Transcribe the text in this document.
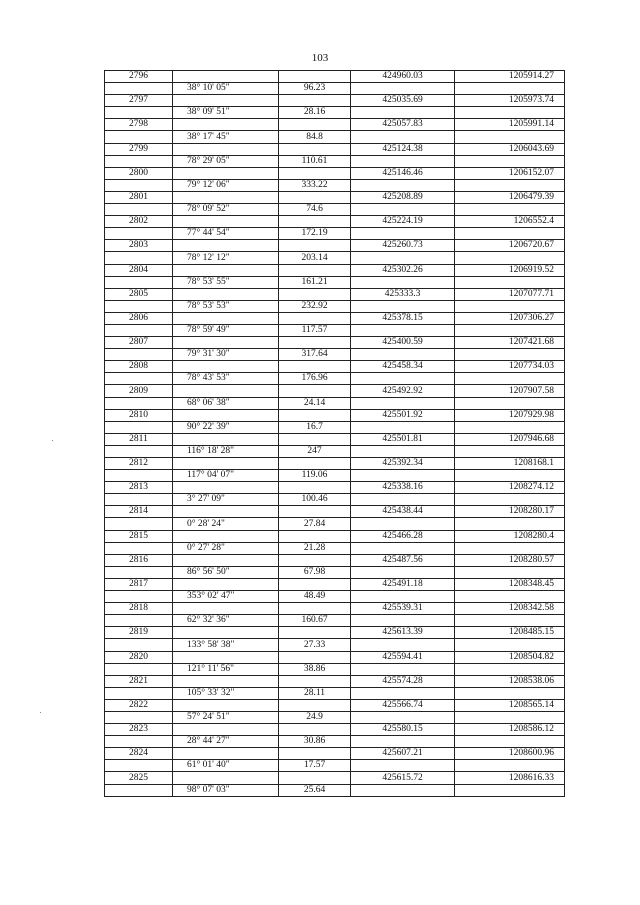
103
2796			424960.03	1205914.27
	38° 10' 05"	96.23		
2797			425035.69	1205973.74
	38° 09' 51"	28.16		
2798			425057.83	1205991.14
	38° 17' 45"	84.8		
2799			425124.38	1206043.69
	78° 29' 05"	110.61		
2800			425146.46	1206152.07
	79° 12' 06"	333.22		
2801			425208.89	1206479.39
	78° 09' 52"	74.6		
2802			425224.19	1206552.4
	77° 44' 54"	172.19		
2803			425260.73	1206720.67
	78° 12' 12"	203.14		
2804			425302.26	1206919.52
	78° 53' 55"	161.21		
2805			425333.3	1207077.71
	78° 53' 53"	232.92		
2806			425378.15	1207306.27
	78° 59' 49"	117.57		
2807			425400.59	1207421.68
	79° 31' 30"	317.64		
2808			425458.34	1207734.03
	78° 43' 53"	176.96		
2809			425492.92	1207907.58
	68° 06' 38"	24.14		
2810			425501.92	1207929.98
	90° 22' 39"	16.7		
2811			425501.81	1207946.68
	116° 18' 28"	247		
2812			425392.34	1208168.1
	117° 04' 07"	119.06		
2813			425338.16	1208274.12
	3° 27' 09"	100.46		
2814			425438.44	1208280.17
	0° 28' 24"	27.84		
2815			425466.28	1208280.4
	0° 27' 28"	21.28		
2816			425487.56	1208280.57
	86° 56' 50"	67.98		
2817			425491.18	1208348.45
	353° 02' 47"	48.49		
2818			425539.31	1208342.58
	62° 32' 36"	160.67		
2819			425613.39	1208485.15
	133° 58' 38"	27.33		
2820			425594.41	1208504.82
	121° 11' 56"	38.86		
2821			425574.28	1208538.06
	105° 33' 32"	28.11		
2822			425566.74	1208565.14
	57° 24' 51"	24.9		
2823			425580.15	1208586.12
	28° 44' 27"	30.86		
2824			425607.21	1208600.96
	61° 01' 40"	17.57		
2825			425615.72	1208616.33
	98° 07' 03"	25.64		
